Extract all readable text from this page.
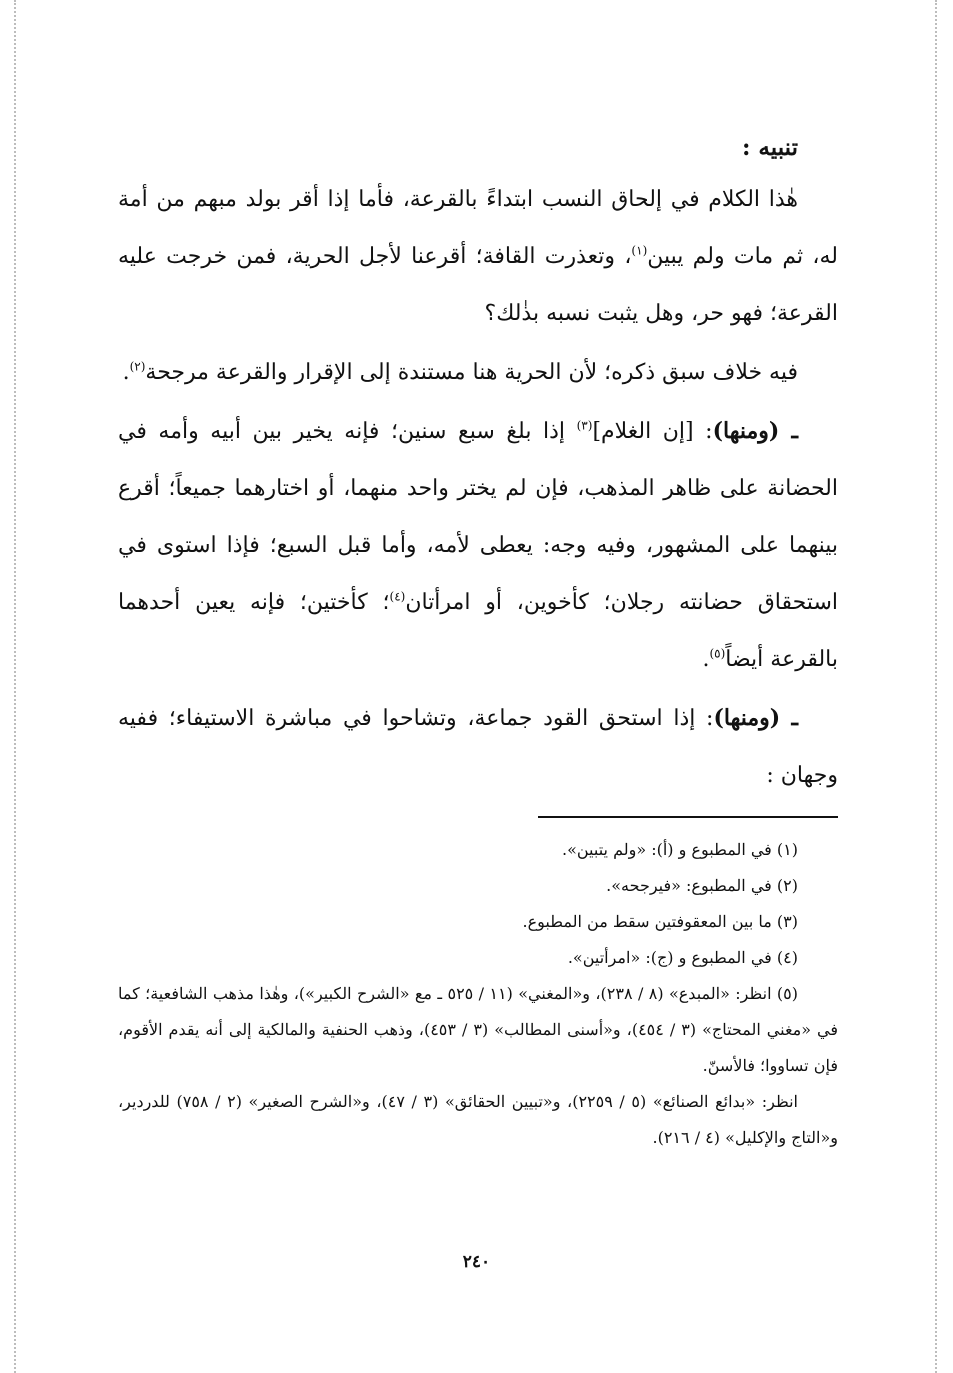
تنبيه :

هٰذا الكلام في إلحاق النسب ابتداءً بالقرعة، فأما إذا أقر بولد مبهم من أمة له، ثم مات ولم يبين$^{(١)}$، وتعذرت القافة؛ أقرعنا لأجل الحرية، فمن خرجت عليه القرعة؛ فهو حر، وهل يثبت نسبه بذٰلك؟

فيه خلاف سبق ذكره؛ لأن الحرية هنا مستندة إلى الإقرار والقرعة مرجحة$^{(٢)}$.

ـ (ومنها): [إن الغلام]$^{(٣)}$ إذا بلغ سبع سنين؛ فإنه يخير بين أبيه وأمه في الحضانة على ظاهر المذهب، فإن لم يختر واحد منهما، أو اختارهما جميعاً؛ أقرع بينهما على المشهور، وفيه وجه: يعطى لأمه، وأما قبل السبع؛ فإذا استوى في استحقاق حضانته رجلان؛ كأخوين، أو امرأتان$^{(٤)}$؛ كأختين؛ فإنه يعين أحدهما بالقرعة أيضاً$^{(٥)}$.

ـ (ومنها): إذا استحق القود جماعة، وتشاحوا في مباشرة الاستيفاء؛ ففيه وجهان :

(١) في المطبوع و (أ): «ولم يتبين».

(٢) في المطبوع: «فيرجحه».

(٣) ما بين المعقوفتين سقط من المطبوع.

(٤) في المطبوع و (ج): «امرأتين».

(٥) انظر: «المبدع» (٨ / ٢٣٨)، و«المغني» (١١ / ٥٢٥ ـ مع «الشرح الكبير»)، وهٰذا مذهب الشافعية؛ كما في «مغني المحتاج» (٣ / ٤٥٤)، و«أسنى المطالب» (٣ / ٤٥٣)، وذهب الحنفية والمالكية إلى أنه يقدم الأقوم، فإن تساووا؛ فالأسنّ.

انظر: «بدائع الصنائع» (٥ / ٢٢٥٩)، و«تبيين الحقائق» (٣ / ٤٧)، و«الشرح الصغير» (٢ / ٧٥٨) للدردير، و«التاج والإكليل» (٤ / ٢١٦).

٢٤٠
